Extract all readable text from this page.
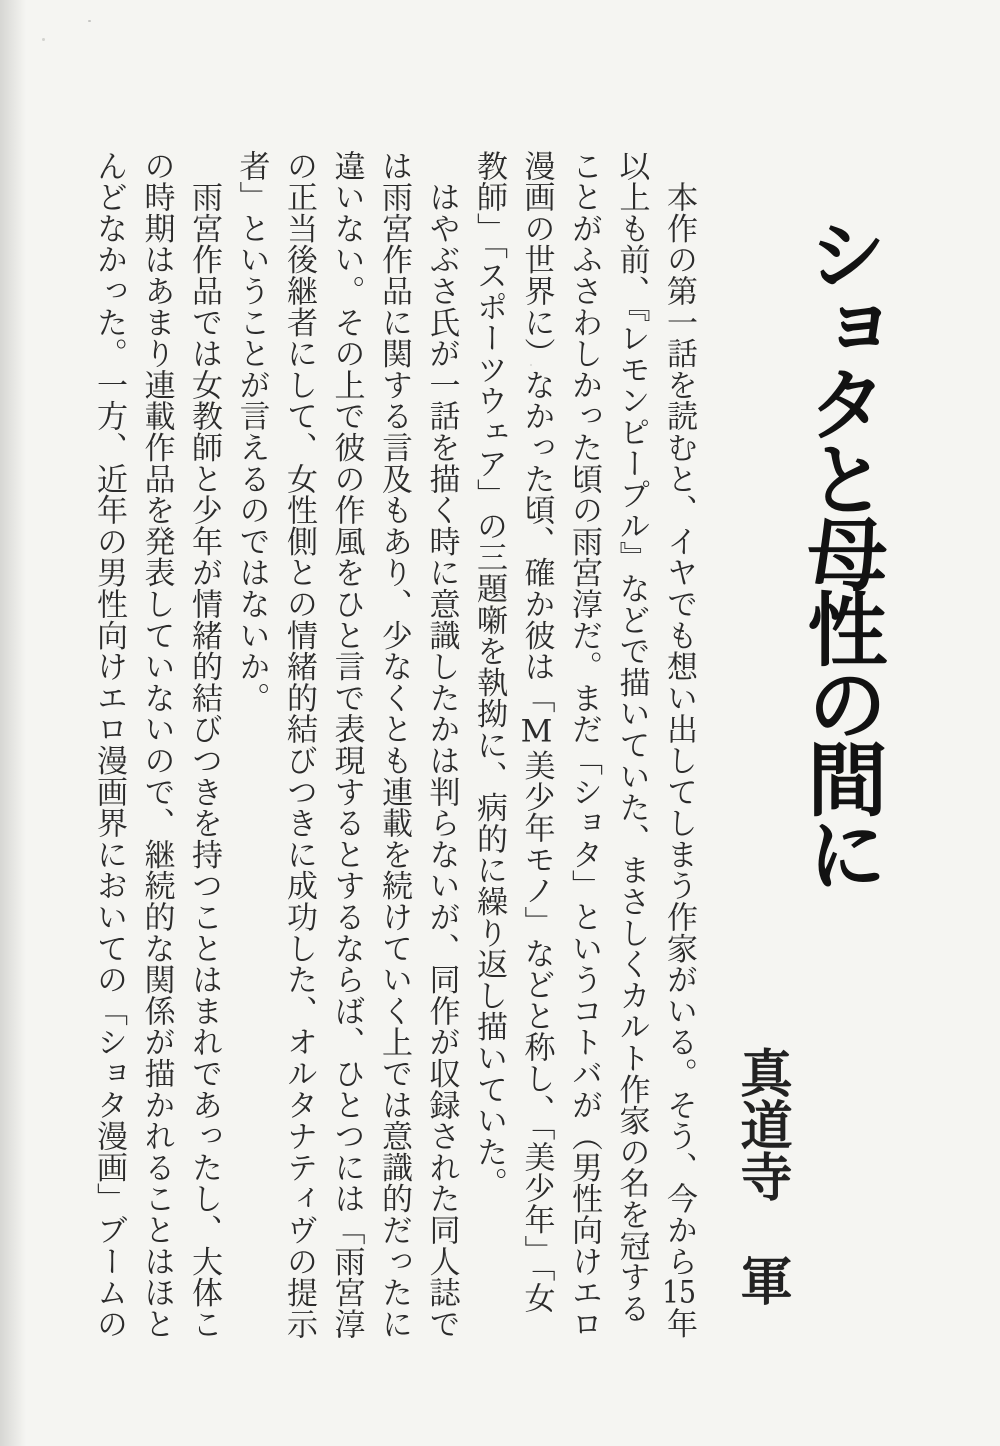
ショタと母性の間に
真道寺　軍

　本作の第一話を読むと、イヤでも想い出してしまう作家がいる。そう、今から15年以上も前、『レモンピープル』などで描いていた、まさしくカルト作家の名を冠することがふさわしかった頃の雨宮淳だ。まだ「ショタ」というコトバが（男性向けエロ漫画の世界に）なかった頃、確か彼は「M美少年モノ」などと称し、「美少年」「女教師」「スポーツウェア」の三題噺を執拗に、病的に繰り返し描いていた。

　はやぶさ氏が一話を描く時に意識したかは判らないが、同作が収録された同人誌では雨宮作品に関する言及もあり、少なくとも連載を続けていく上では意識的だったに違いない。その上で彼の作風をひと言で表現するとするならば、ひとつには「雨宮淳の正当後継者にして、女性側との情緒的結びつきに成功した、オルタナティヴの提示者」ということが言えるのではないか。

　雨宮作品では女教師と少年が情緒的結びつきを持つことはまれであったし、大体この時期はあまり連載作品を発表していないので、継続的な関係が描かれることはほとんどなかった。一方、近年の男性向けエロ漫画界においての「ショタ漫画」ブームの
